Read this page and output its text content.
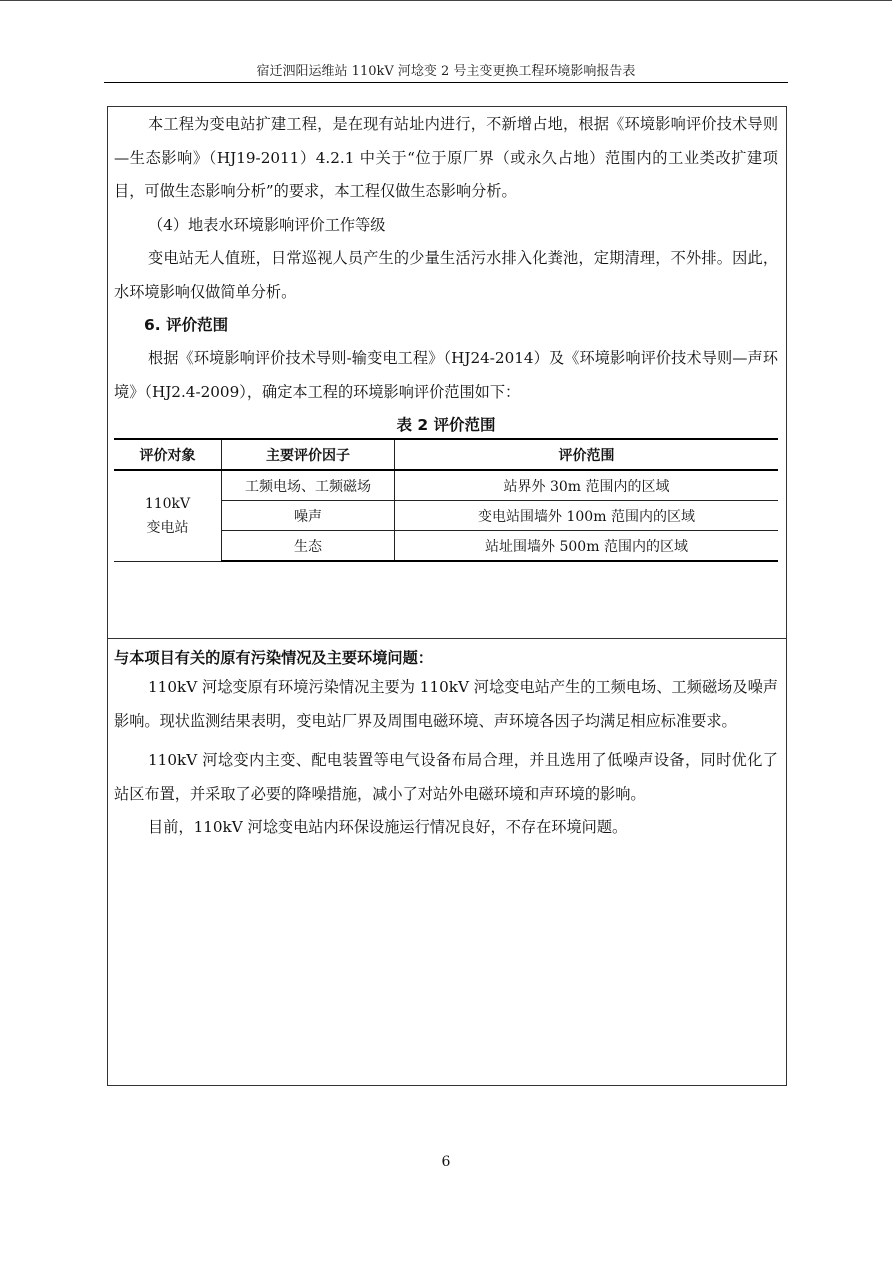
宿迁泗阳运维站 110kV 河埝变 2 号主变更换工程环境影响报告表

本工程为变电站扩建工程，是在现有站址内进行，不新增占地，根据《环境影响评价技术导则—生态影响》（HJ19-2011）4.2.1 中关于“位于原厂界（或永久占地）范围内的工业类改扩建项目，可做生态影响分析”的要求，本工程仅做生态影响分析。

（4）地表水环境影响评价工作等级

变电站无人值班，日常巡视人员产生的少量生活污水排入化粪池，定期清理，不外排。因此，水环境影响仅做简单分析。

6. 评价范围

根据《环境影响评价技术导则-输变电工程》（HJ24-2014）及《环境影响评价技术导则—声环境》（HJ2.4-2009），确定本工程的环境影响评价范围如下：

表 2 评价范围
评价对象	主要评价因子	评价范围
110kV
变电站	工频电场、工频磁场	站界外 30m 范围内的区域
	噪声	变电站围墙外 100m 范围内的区域
	生态	站址围墙外 500m 范围内的区域

与本项目有关的原有污染情况及主要环境问题：

110kV 河埝变原有环境污染情况主要为 110kV 河埝变电站产生的工频电场、工频磁场及噪声影响。现状监测结果表明，变电站厂界及周围电磁环境、声环境各因子均满足相应标准要求。

110kV 河埝变内主变、配电装置等电气设备布局合理，并且选用了低噪声设备，同时优化了站区布置，并采取了必要的降噪措施，减小了对站外电磁环境和声环境的影响。

目前，110kV 河埝变电站内环保设施运行情况良好，不存在环境问题。

6
